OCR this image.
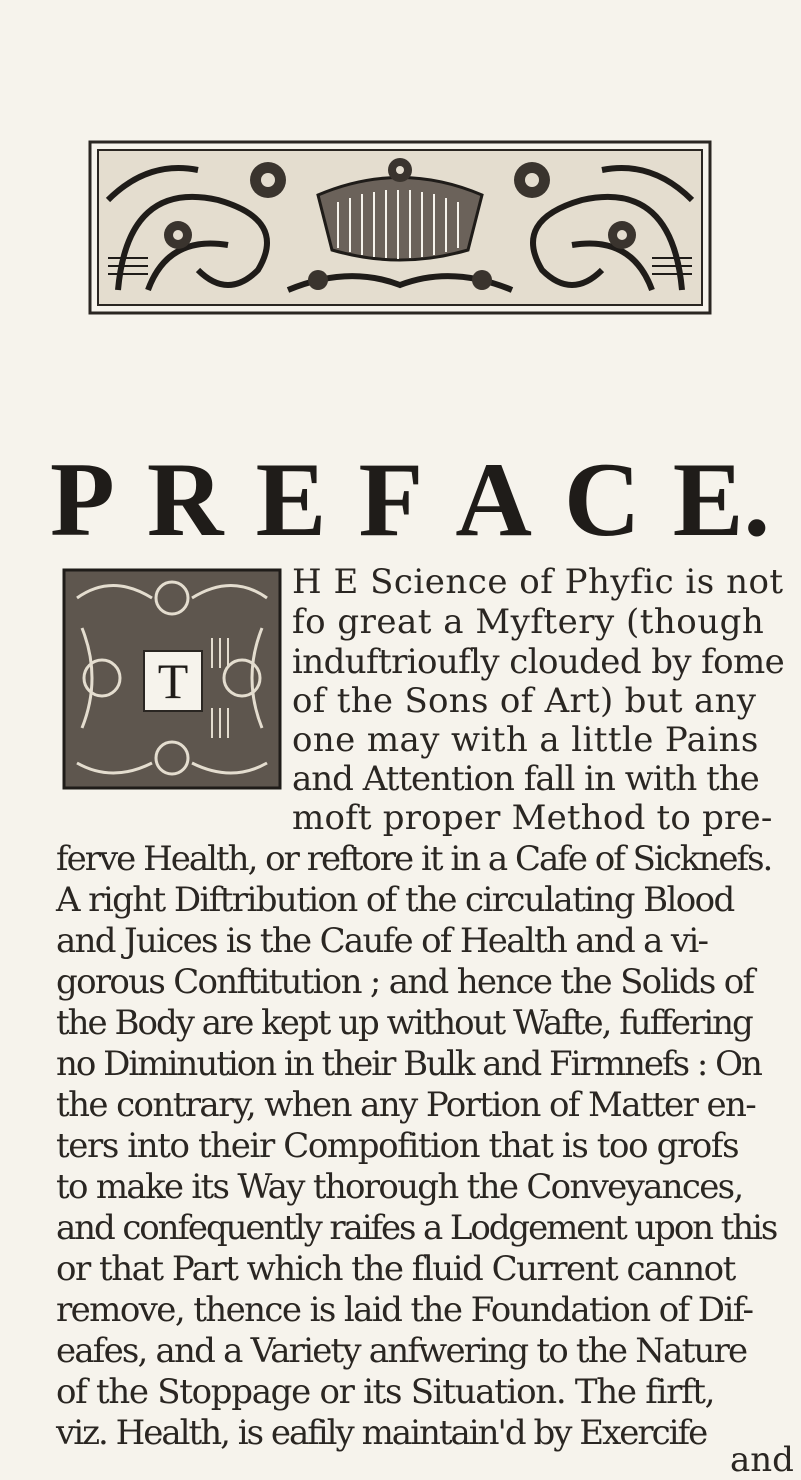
P R E F A C E.
T
H E Science of Phyfic is not
fo great a Myftery (though
induftrioufly clouded by fome
of the Sons of Art) but any
one may with a little Pains
and Attention fall in with the
moft proper Method to pre-
ferve Health, or reftore it in a Cafe of Sicknefs.
A right Diftribution of the circulating Blood
and Juices is the Caufe of Health and a vi-
gorous Conftitution ; and hence the Solids of
the Body are kept up without Wafte, fuffering
no Diminution in their Bulk and Firmnefs : On
the contrary, when any Portion of Matter en-
ters into their Compofition that is too grofs
to make its Way thorough the Conveyances,
and confequently raifes a Lodgement upon this
or that Part which the fluid Current cannot
remove, thence is laid the Foundation of Dif-
eafes, and a Variety anfwering to the Nature
of the Stoppage or its Situation. The firft,
viz. Health, is eafily maintain'd by Exercife
and
